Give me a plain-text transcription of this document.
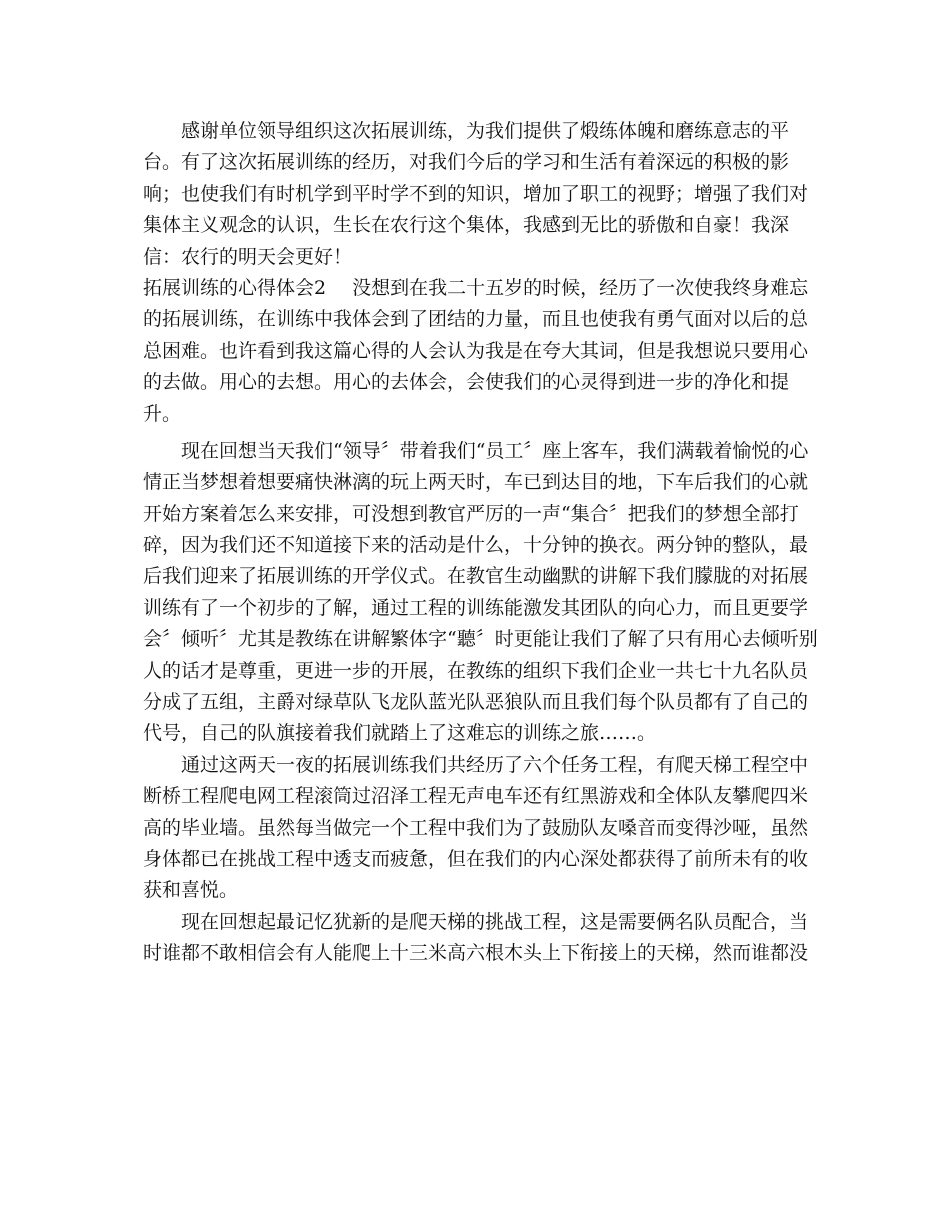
感谢单位领导组织这次拓展训练，为我们提供了煅练体魄和磨练意志的平
台。有了这次拓展训练的经历，对我们今后的学习和生活有着深远的积极的影
响；也使我们有时机学到平时学不到的知识，增加了职工的视野；增强了我们对
集体主义观念的认识，生长在农行这个集体，我感到无比的骄傲和自豪！我深
信：农行的明天会更好！
拓展训练的心得体会2 没想到在我二十五岁的时候，经历了一次使我终身难忘
的拓展训练，在训练中我体会到了团结的力量，而且也使我有勇气面对以后的总
总困难。也许看到我这篇心得的人会认为我是在夸大其词，但是我想说只要用心
的去做。用心的去想。用心的去体会，会使我们的心灵得到进一步的净化和提
升。
现在回想当天我们“领导〞带着我们“员工〞座上客车，我们满载着愉悦的心
情正当梦想着想要痛快淋漓的玩上两天时，车已到达目的地，下车后我们的心就
开始方案着怎么来安排，可没想到教官严厉的一声“集合〞把我们的梦想全部打
碎，因为我们还不知道接下来的活动是什么，十分钟的换衣。两分钟的整队，最
后我们迎来了拓展训练的开学仪式。在教官生动幽默的讲解下我们朦胧的对拓展
训练有了一个初步的了解，通过工程的训练能激发其团队的向心力，而且更要学
会〞倾听〞尤其是教练在讲解繁体字“聽〞时更能让我们了解了只有用心去倾听别
人的话才是尊重，更进一步的开展，在教练的组织下我们企业一共七十九名队员
分成了五组，主爵对绿草队飞龙队蓝光队恶狼队而且我们每个队员都有了自己的
代号，自己的队旗接着我们就踏上了这难忘的训练之旅……。
通过这两天一夜的拓展训练我们共经历了六个任务工程，有爬天梯工程空中
断桥工程爬电网工程滚筒过沼泽工程无声电车还有红黑游戏和全体队友攀爬四米
高的毕业墙。虽然每当做完一个工程中我们为了鼓励队友嗓音而变得沙哑，虽然
身体都已在挑战工程中透支而疲惫，但在我们的内心深处都获得了前所未有的收
获和喜悦。
现在回想起最记忆犹新的是爬天梯的挑战工程，这是需要俩名队员配合，当
时谁都不敢相信会有人能爬上十三米高六根木头上下衔接上的天梯，然而谁都没
